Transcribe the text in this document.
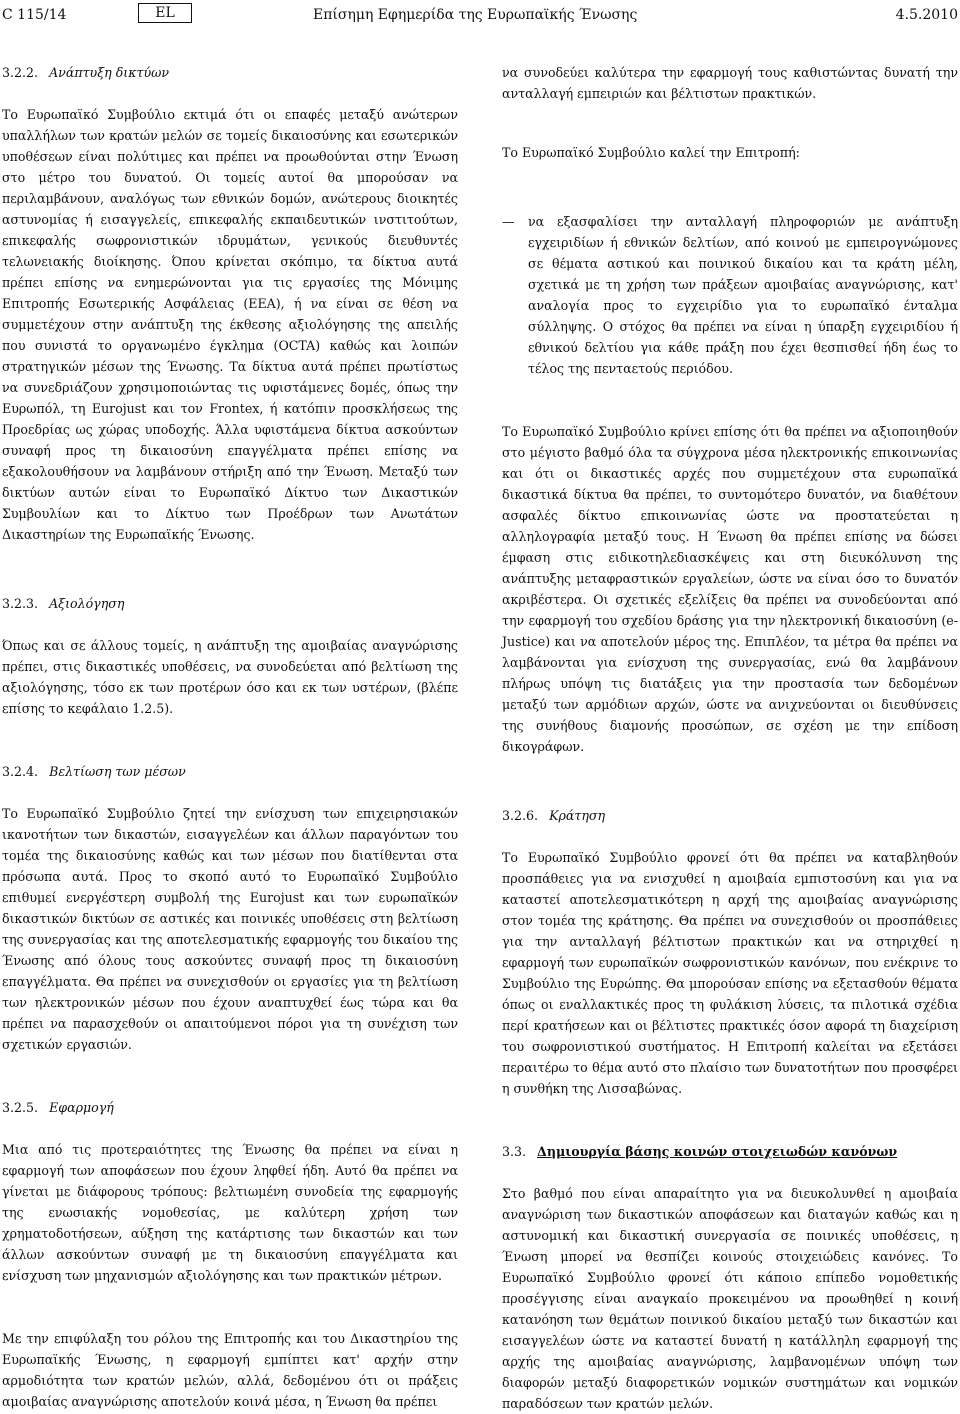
C 115/14	EL	Επίσημη Εφημερίδα της Ευρωπαϊκής Ένωσης	4.5.2010

3.2.2. Ανάπτυξη δικτύων

Το Ευρωπαϊκό Συμβούλιο εκτιμά ότι οι επαφές μεταξύ ανώτερων υπαλλήλων των κρατών μελών σε τομείς δικαιοσύνης και εσωτερικών υποθέσεων είναι πολύτιμες και πρέπει να προωθούνται στην Ένωση στο μέτρο του δυνατού. Οι τομείς αυτοί θα μπορούσαν να περιλαμβάνουν, αναλόγως των εθνικών δομών, ανώτερους διοικητές αστυνομίας ή εισαγγελείς, επικεφαλής εκπαιδευτικών ινστιτούτων, επικεφαλής σωφρονιστικών ιδρυμάτων, γενικούς διευθυντές τελωνειακής διοίκησης. Όπου κρίνεται σκόπιμο, τα δίκτυα αυτά πρέπει επίσης να ενημερώνονται για τις εργασίες της Μόνιμης Επιτροπής Εσωτερικής Ασφάλειας (ΕΕΑ), ή να είναι σε θέση να συμμετέχουν στην ανάπτυξη της έκθεσης αξιολόγησης της απειλής που συνιστά το οργανωμένο έγκλημα (OCTA) καθώς και λοιπών στρατηγικών μέσων της Ένωσης. Τα δίκτυα αυτά πρέπει πρωτίστως να συνεδριάζουν χρησιμοποιώντας τις υφιστάμενες δομές, όπως την Ευρωπόλ, τη Eurojust και τον Frontex, ή κατόπιν προσκλήσεως της Προεδρίας ως χώρας υποδοχής. Άλλα υφιστάμενα δίκτυα ασκούντων συναφή προς τη δικαιοσύνη επαγγέλματα πρέπει επίσης να εξακολουθήσουν να λαμβάνουν στήριξη από την Ένωση. Μεταξύ των δικτύων αυτών είναι το Ευρωπαϊκό Δίκτυο των Δικαστικών Συμβουλίων και το Δίκτυο των Προέδρων των Ανωτάτων Δικαστηρίων της Ευρωπαϊκής Ένωσης.

3.2.3. Αξιολόγηση

Όπως και σε άλλους τομείς, η ανάπτυξη της αμοιβαίας αναγνώρισης πρέπει, στις δικαστικές υποθέσεις, να συνοδεύεται από βελτίωση της αξιολόγησης, τόσο εκ των προτέρων όσο και εκ των υστέρων, (βλέπε επίσης το κεφάλαιο 1.2.5).

3.2.4. Βελτίωση των μέσων

Το Ευρωπαϊκό Συμβούλιο ζητεί την ενίσχυση των επιχειρησιακών ικανοτήτων των δικαστών, εισαγγελέων και άλλων παραγόντων του τομέα της δικαιοσύνης καθώς και των μέσων που διατίθενται στα πρόσωπα αυτά. Προς το σκοπό αυτό το Ευρωπαϊκό Συμβούλιο επιθυμεί ενεργέστερη συμβολή της Eurojust και των ευρωπαϊκών δικαστικών δικτύων σε αστικές και ποινικές υποθέσεις στη βελτίωση της συνεργασίας και της αποτελεσματικής εφαρμογής του δικαίου της Ένωσης από όλους τους ασκούντες συναφή προς τη δικαιοσύνη επαγγέλματα. Θα πρέπει να συνεχισθούν οι εργασίες για τη βελτίωση των ηλεκτρονικών μέσων που έχουν αναπτυχθεί έως τώρα και θα πρέπει να παρασχεθούν οι απαιτούμενοι πόροι για τη συνέχιση των σχετικών εργασιών.

3.2.5. Εφαρμογή

Μια από τις προτεραιότητες της Ένωσης θα πρέπει να είναι η εφαρμογή των αποφάσεων που έχουν ληφθεί ήδη. Αυτό θα πρέπει να γίνεται με διάφορους τρόπους: βελτιωμένη συνοδεία της εφαρμογής της ενωσιακής νομοθεσίας, με καλύτερη χρήση των χρηματοδοτήσεων, αύξηση της κατάρτισης των δικαστών και των άλλων ασκούντων συναφή με τη δικαιοσύνη επαγγέλματα και ενίσχυση των μηχανισμών αξιολόγησης και των πρακτικών μέτρων.

Με την επιφύλαξη του ρόλου της Επιτροπής και του Δικαστηρίου της Ευρωπαϊκής Ένωσης, η εφαρμογή εμπίπτει κατ' αρχήν στην αρμοδιότητα των κρατών μελών, αλλά, δεδομένου ότι οι πράξεις αμοιβαίας αναγνώρισης αποτελούν κοινά μέσα, η Ένωση θα πρέπει

να συνοδεύει καλύτερα την εφαρμογή τους καθιστώντας δυνατή την ανταλλαγή εμπειριών και βέλτιστων πρακτικών.

Το Ευρωπαϊκό Συμβούλιο καλεί την Επιτροπή:

—	να εξασφαλίσει την ανταλλαγή πληροφοριών με ανάπτυξη εγχειριδίων ή εθνικών δελτίων, από κοινού με εμπειρογνώμονες σε θέματα αστικού και ποινικού δικαίου και τα κράτη μέλη, σχετικά με τη χρήση των πράξεων αμοιβαίας αναγνώρισης, κατ' αναλογία προς το εγχειρίδιο για το ευρωπαϊκό ένταλμα σύλληψης. Ο στόχος θα πρέπει να είναι η ύπαρξη εγχειριδίου ή εθνικού δελτίου για κάθε πράξη που έχει θεσπισθεί ήδη έως το τέλος της πενταετούς περιόδου.

Το Ευρωπαϊκό Συμβούλιο κρίνει επίσης ότι θα πρέπει να αξιοποιηθούν στο μέγιστο βαθμό όλα τα σύγχρονα μέσα ηλεκτρονικής επικοινωνίας και ότι οι δικαστικές αρχές που συμμετέχουν στα ευρωπαϊκά δικαστικά δίκτυα θα πρέπει, το συντομότερο δυνατόν, να διαθέτουν ασφαλές δίκτυο επικοινωνίας ώστε να προστατεύεται η αλληλογραφία μεταξύ τους. Η Ένωση θα πρέπει επίσης να δώσει έμφαση στις ειδικοτηλεδιασκέψεις και στη διευκόλυνση της ανάπτυξης μεταφραστικών εργαλείων, ώστε να είναι όσο το δυνατόν ακριβέστερα. Οι σχετικές εξελίξεις θα πρέπει να συνοδεύονται από την εφαρμογή του σχεδίου δράσης για την ηλεκτρονική δικαιοσύνη (e-Justice) και να αποτελούν μέρος της. Επιπλέον, τα μέτρα θα πρέπει να λαμβάνονται για ενίσχυση της συνεργασίας, ενώ θα λαμβάνουν πλήρως υπόψη τις διατάξεις για την προστασία των δεδομένων μεταξύ των αρμόδιων αρχών, ώστε να ανιχνεύονται οι διευθύνσεις της συνήθους διαμονής προσώπων, σε σχέση με την επίδοση δικογράφων.

3.2.6. Κράτηση

Το Ευρωπαϊκό Συμβούλιο φρονεί ότι θα πρέπει να καταβληθούν προσπάθειες για να ενισχυθεί η αμοιβαία εμπιστοσύνη και για να καταστεί αποτελεσματικότερη η αρχή της αμοιβαίας αναγνώρισης στον τομέα της κράτησης. Θα πρέπει να συνεχισθούν οι προσπάθειες για την ανταλλαγή βέλτιστων πρακτικών και να στηριχθεί η εφαρμογή των ευρωπαϊκών σωφρονιστικών κανόνων, που ενέκρινε το Συμβούλιο της Ευρώπης. Θα μπορούσαν επίσης να εξετασθούν θέματα όπως οι εναλλακτικές προς τη φυλάκιση λύσεις, τα πιλοτικά σχέδια περί κρατήσεων και οι βέλτιστες πρακτικές όσον αφορά τη διαχείριση του σωφρονιστικού συστήματος. Η Επιτροπή καλείται να εξετάσει περαιτέρω το θέμα αυτό στο πλαίσιο των δυνατοτήτων που προσφέρει η συνθήκη της Λισσαβώνας.

3.3. Δημιουργία βάσης κοινών στοιχειωδών κανόνων

Στο βαθμό που είναι απαραίτητο για να διευκολυνθεί η αμοιβαία αναγνώριση των δικαστικών αποφάσεων και διαταγών καθώς και η αστυνομική και δικαστική συνεργασία σε ποινικές υποθέσεις, η Ένωση μπορεί να θεσπίζει κοινούς στοιχειώδεις κανόνες. Το Ευρωπαϊκό Συμβούλιο φρονεί ότι κάποιο επίπεδο νομοθετικής προσέγγισης είναι αναγκαίο προκειμένου να προωθηθεί η κοινή κατανόηση των θεμάτων ποινικού δικαίου μεταξύ των δικαστών και εισαγγελέων ώστε να καταστεί δυνατή η κατάλληλη εφαρμογή της αρχής της αμοιβαίας αναγνώρισης, λαμβανομένων υπόψη των διαφορών μεταξύ διαφορετικών νομικών συστημάτων και νομικών παραδόσεων των κρατών μελών.
